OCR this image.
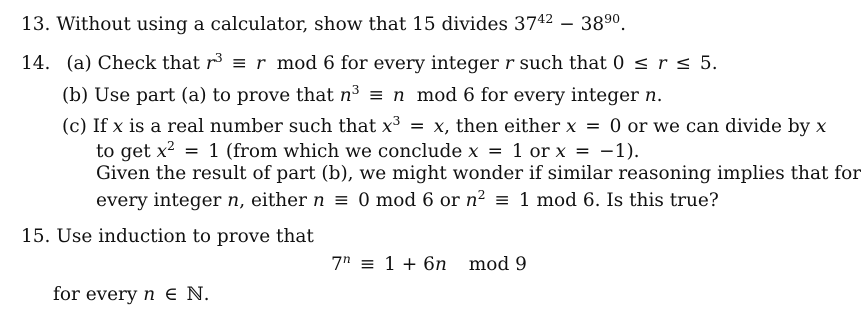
13. Without using a calculator, show that 15 divides $37^{42} - 38^{90}$.
14. (a) Check that $r^3 \equiv r$ mod 6 for every integer r such that 0 ≤ r ≤ 5.
(b) Use part (a) to prove that $n^3 \equiv n$ mod 6 for every integer n.
(c) If x is a real number such that $x^3 = x$, then either x = 0 or we can divide by x
to get $x^2 = 1$ (from which we conclude x = 1 or x = −1).
Given the result of part (b), we might wonder if similar reasoning implies that for
every integer n, either n ≡ 0 mod 6 or $n^2 \equiv 1$ mod 6. Is this true?
15. Use induction to prove that
$7^n \equiv 1 + 6n$ mod 9
for every n ∈ ℕ.
